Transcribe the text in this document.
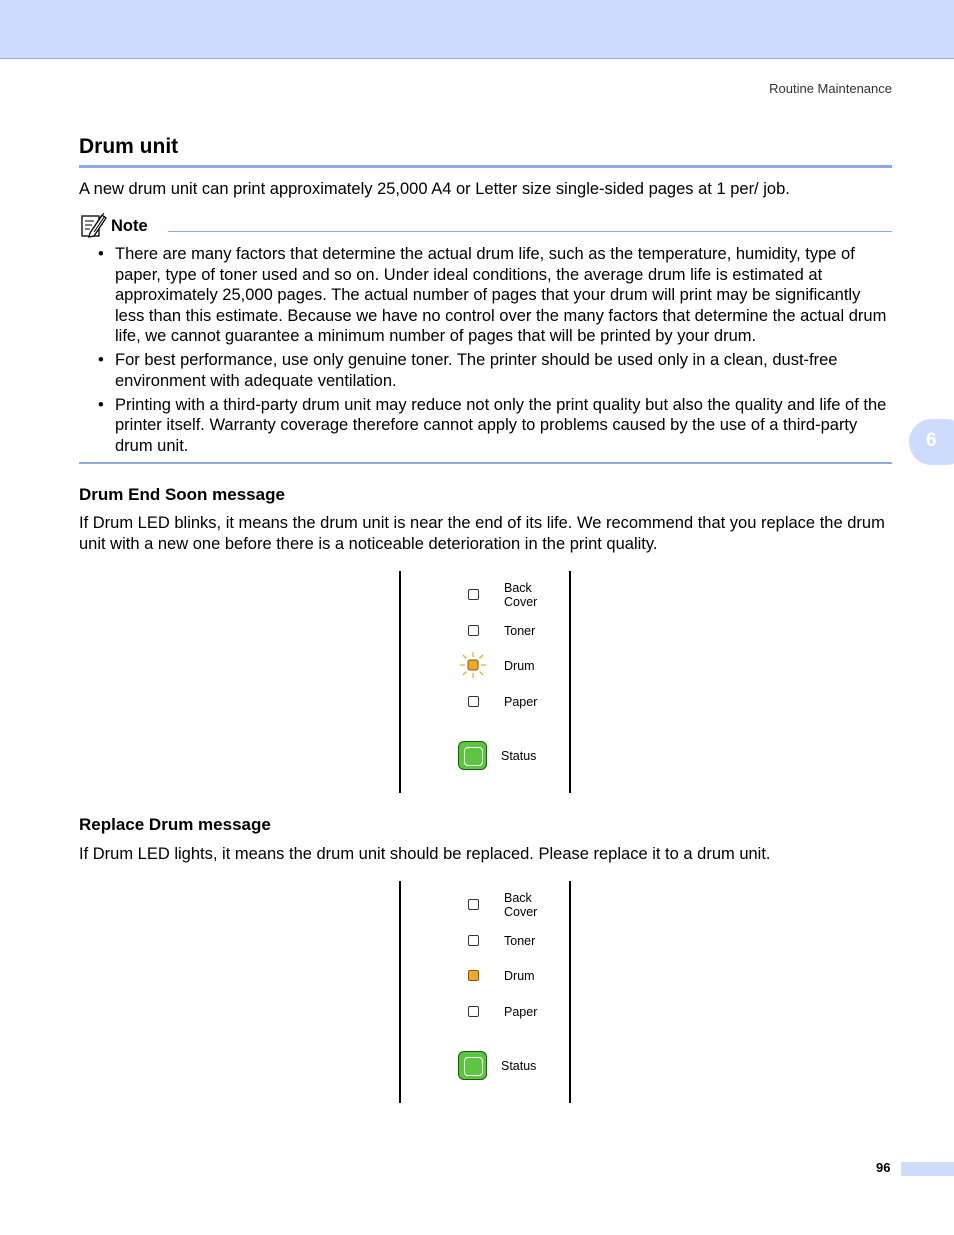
Routine Maintenance
Drum unit

A new drum unit can print approximately 25,000 A4 or Letter size single-sided pages at 1 per/ job.

Note
• There are many factors that determine the actual drum life, such as the temperature, humidity, type of paper, type of toner used and so on. Under ideal conditions, the average drum life is estimated at approximately 25,000 pages. The actual number of pages that your drum will print may be significantly less than this estimate. Because we have no control over the many factors that determine the actual drum life, we cannot guarantee a minimum number of pages that will be printed by your drum.
• For best performance, use only genuine toner. The printer should be used only in a clean, dust-free environment with adequate ventilation.
• Printing with a third-party drum unit may reduce not only the print quality but also the quality and life of the printer itself. Warranty coverage therefore cannot apply to problems caused by the use of a third-party drum unit.
Drum End Soon message

If Drum LED blinks, it means the drum unit is near the end of its life. We recommend that you replace the drum unit with a new one before there is a noticeable deterioration in the print quality.

Back
Cover
Toner
Drum
Paper
Status
Replace Drum message

If Drum LED lights, it means the drum unit should be replaced. Please replace it to a drum unit.

Back
Cover
Toner
Drum
Paper
Status
6
96
